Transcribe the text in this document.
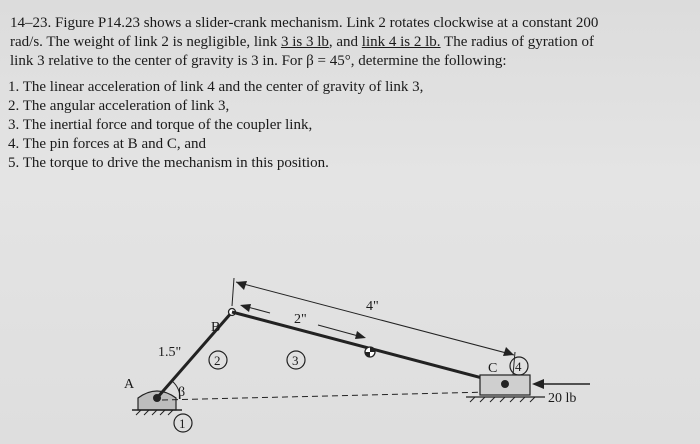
14–23. Figure P14.23 shows a slider-crank mechanism. Link 2 rotates clockwise at a constant 200
rad/s. The weight of link 2 is negligible, link 3 is 3 lb, and link 4 is 2 lb. The radius of gyration of
link 3 relative to the center of gravity is 3 in. For β = 45°, determine the following:
1. The linear acceleration of link 4 and the center of gravity of link 3,
2. The angular acceleration of link 3,
3. The inertial force and torque of the coupler link,
4. The pin forces at B and C, and
5. The torque to drive the mechanism in this position.
B
A
β
C
1.5"
2"
4"
20 lb
1
2	3	4
